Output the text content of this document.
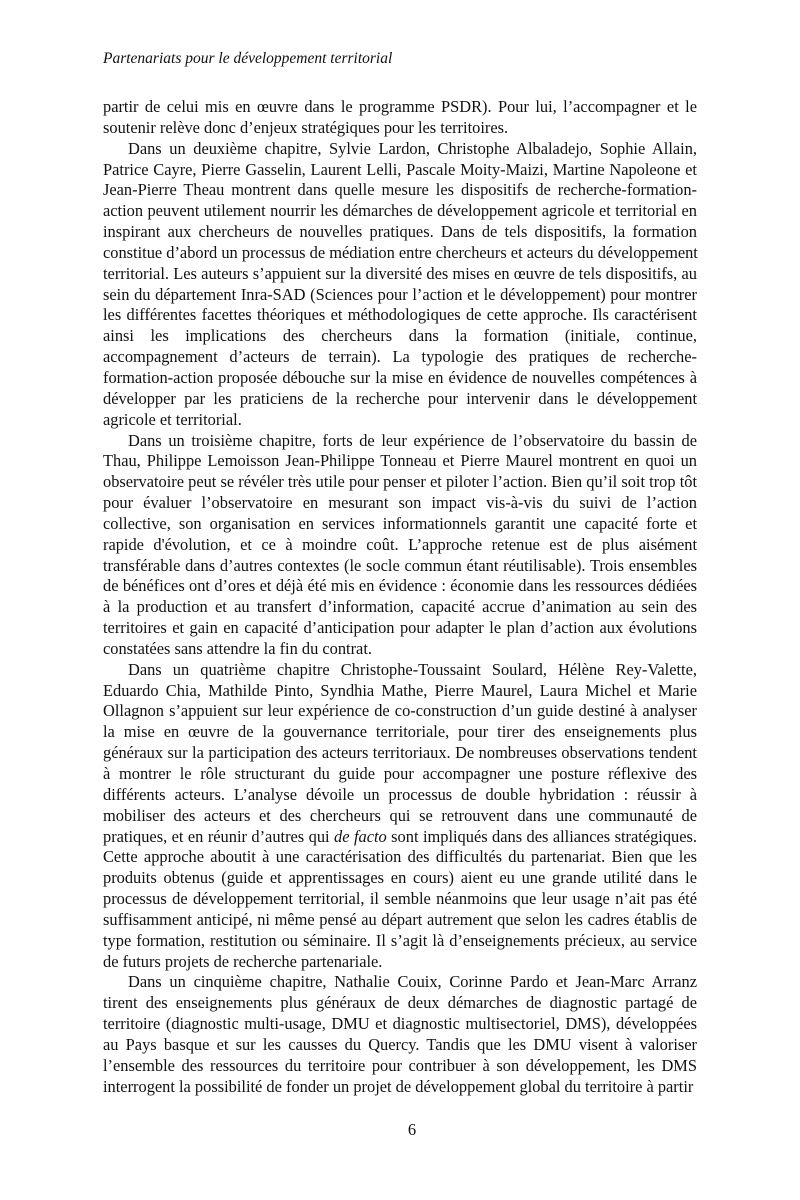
Partenariats pour le développement territorial
partir de celui mis en œuvre dans le programme PSDR). Pour lui, l’accompagner et le
soutenir relève donc d’enjeux stratégiques pour les territoires.
Dans un deuxième chapitre, Sylvie Lardon, Christophe Albaladejo, Sophie Allain,
Patrice Cayre, Pierre Gasselin, Laurent Lelli, Pascale Moity-Maizi, Martine Napoleone et
Jean-Pierre Theau montrent dans quelle mesure les dispositifs de recherche-formation-
action peuvent utilement nourrir les démarches de développement agricole et territorial en
inspirant aux chercheurs de nouvelles pratiques. Dans de tels dispositifs, la formation
constitue d’abord un processus de médiation entre chercheurs et acteurs du développement
territorial. Les auteurs s’appuient sur la diversité des mises en œuvre de tels dispositifs, au
sein du département Inra-SAD (Sciences pour l’action et le développement) pour montrer
les différentes facettes théoriques et méthodologiques de cette approche. Ils caractérisent
ainsi les implications des chercheurs dans la formation (initiale, continue,
accompagnement d’acteurs de terrain). La typologie des pratiques de recherche-
formation-action proposée débouche sur la mise en évidence de nouvelles compétences à
développer par les praticiens de la recherche pour intervenir dans le développement
agricole et territorial.
Dans un troisième chapitre, forts de leur expérience de l’observatoire du bassin de
Thau, Philippe Lemoisson Jean-Philippe Tonneau et Pierre Maurel montrent en quoi un
observatoire peut se révéler très utile pour penser et piloter l’action. Bien qu’il soit trop tôt
pour évaluer l’observatoire en mesurant son impact vis-à-vis du suivi de l’action
collective, son organisation en services informationnels garantit une capacité forte et
rapide d'évolution, et ce à moindre coût. L’approche retenue est de plus aisément
transférable dans d’autres contextes (le socle commun étant réutilisable). Trois ensembles
de bénéfices ont d’ores et déjà été mis en évidence : économie dans les ressources dédiées
à la production et au transfert d’information, capacité accrue d’animation au sein des
territoires et gain en capacité d’anticipation pour adapter le plan d’action aux évolutions
constatées sans attendre la fin du contrat.
Dans un quatrième chapitre Christophe-Toussaint Soulard, Hélène Rey-Valette,
Eduardo Chia, Mathilde Pinto, Syndhia Mathe, Pierre Maurel, Laura Michel et Marie
Ollagnon s’appuient sur leur expérience de co-construction d’un guide destiné à analyser
la mise en œuvre de la gouvernance territoriale, pour tirer des enseignements plus
généraux sur la participation des acteurs territoriaux. De nombreuses observations tendent
à montrer le rôle structurant du guide pour accompagner une posture réflexive des
différents acteurs. L’analyse dévoile un processus de double hybridation : réussir à
mobiliser des acteurs et des chercheurs qui se retrouvent dans une communauté de
pratiques, et en réunir d’autres qui de facto sont impliqués dans des alliances stratégiques.
Cette approche aboutit à une caractérisation des difficultés du partenariat. Bien que les
produits obtenus (guide et apprentissages en cours) aient eu une grande utilité dans le
processus de développement territorial, il semble néanmoins que leur usage n’ait pas été
suffisamment anticipé, ni même pensé au départ autrement que selon les cadres établis de
type formation, restitution ou séminaire. Il s’agit là d’enseignements précieux, au service
de futurs projets de recherche partenariale.
Dans un cinquième chapitre, Nathalie Couix, Corinne Pardo et Jean-Marc Arranz
tirent des enseignements plus généraux de deux démarches de diagnostic partagé de
territoire (diagnostic multi-usage, DMU et diagnostic multisectoriel, DMS), développées
au Pays basque et sur les causses du Quercy. Tandis que les DMU visent à valoriser
l’ensemble des ressources du territoire pour contribuer à son développement, les DMS
interrogent la possibilité de fonder un projet de développement global du territoire à partir
6
